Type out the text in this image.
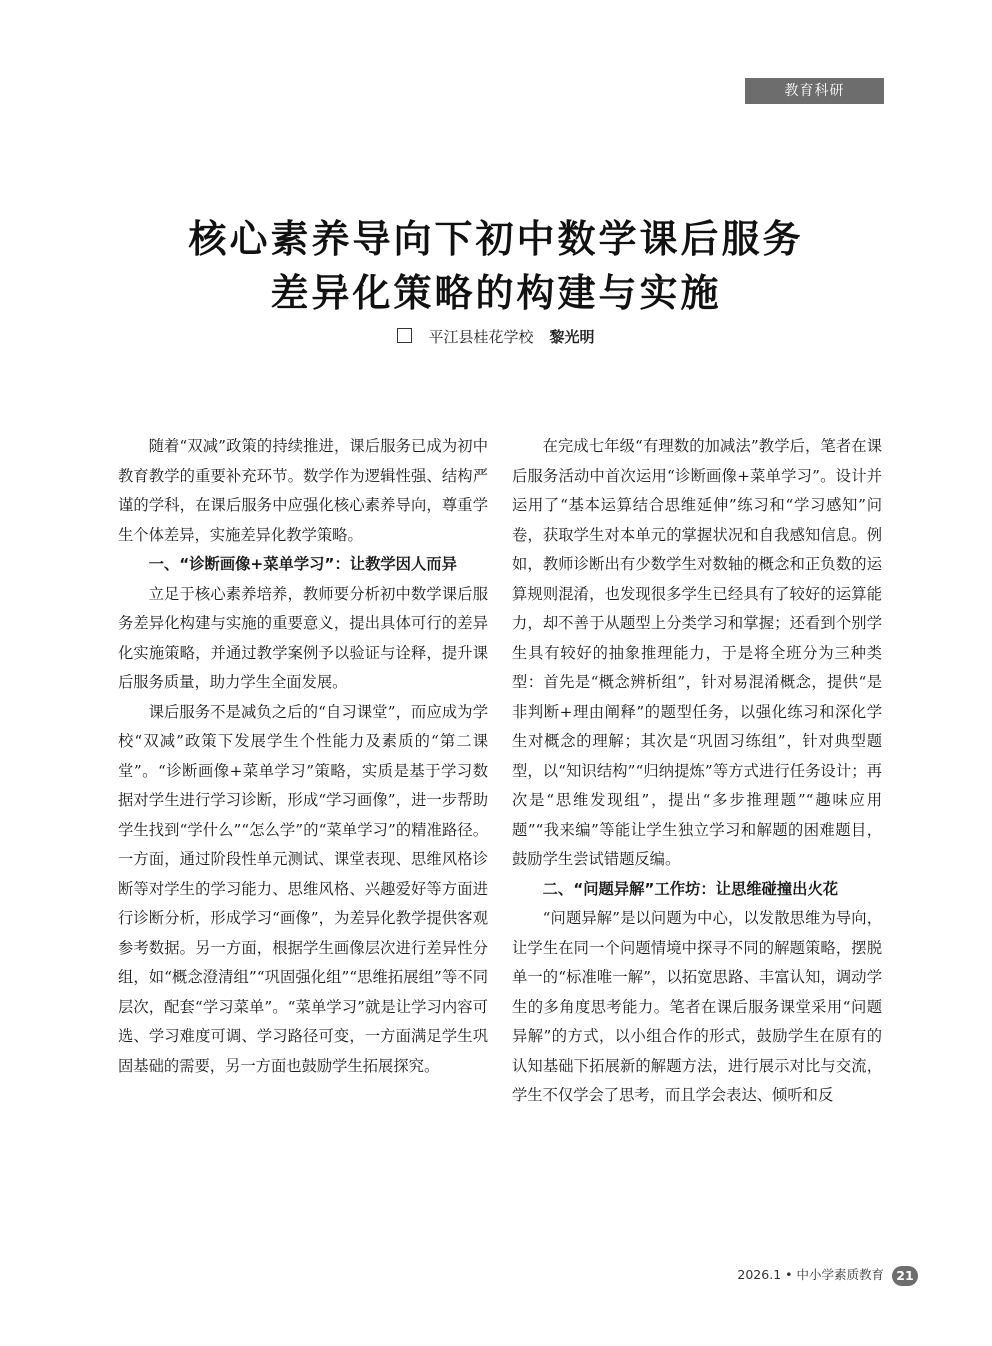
教育科研
核心素养导向下初中数学课后服务
差异化策略的构建与实施
平江县桂花学校 黎光明

随着“双减”政策的持续推进，课后服务已成为初中教育教学的重要补充环节。数学作为逻辑性强、结构严谨的学科，在课后服务中应强化核心素养导向，尊重学生个体差异，实施差异化教学策略。

一、“诊断画像+菜单学习”：让教学因人而异

立足于核心素养培养，教师要分析初中数学课后服务差异化构建与实施的重要意义，提出具体可行的差异化实施策略，并通过教学案例予以验证与诠释，提升课后服务质量，助力学生全面发展。

课后服务不是减负之后的“自习课堂”，而应成为学校“双减”政策下发展学生个性能力及素质的“第二课堂”。“诊断画像+菜单学习”策略，实质是基于学习数据对学生进行学习诊断，形成“学习画像”，进一步帮助学生找到“学什么”“怎么学”的“菜单学习”的精准路径。一方面，通过阶段性单元测试、课堂表现、思维风格诊断等对学生的学习能力、思维风格、兴趣爱好等方面进行诊断分析，形成学习“画像”，为差异化教学提供客观参考数据。另一方面，根据学生画像层次进行差异性分组，如“概念澄清组”“巩固强化组”“思维拓展组”等不同层次，配套“学习菜单”。“菜单学习”就是让学习内容可选、学习难度可调、学习路径可变，一方面满足学生巩固基础的需要，另一方面也鼓励学生拓展探究。

在完成七年级“有理数的加减法”教学后，笔者在课后服务活动中首次运用“诊断画像+菜单学习”。设计并运用了“基本运算结合思维延伸”练习和“学习感知”问卷，获取学生对本单元的掌握状况和自我感知信息。例如，教师诊断出有少数学生对数轴的概念和正负数的运算规则混淆，也发现很多学生已经具有了较好的运算能力，却不善于从题型上分类学习和掌握；还看到个别学生具有较好的抽象推理能力，于是将全班分为三种类型：首先是“概念辨析组”，针对易混淆概念，提供“是非判断+理由阐释”的题型任务，以强化练习和深化学生对概念的理解；其次是“巩固习练组”，针对典型题型，以“知识结构”“归纳提炼”等方式进行任务设计；再次是“思维发现组”，提出“多步推理题”“趣味应用题”“我来编”等能让学生独立学习和解题的困难题目，鼓励学生尝试错题反编。

二、“问题异解”工作坊：让思维碰撞出火花

“问题异解”是以问题为中心，以发散思维为导向，让学生在同一个问题情境中探寻不同的解题策略，摆脱单一的“标准唯一解”，以拓宽思路、丰富认知，调动学生的多角度思考能力。笔者在课后服务课堂采用“问题异解”的方式，以小组合作的形式，鼓励学生在原有的认知基础下拓展新的解题方法，进行展示对比与交流，学生不仅学会了思考，而且学会表达、倾听和反

2026.1 • 中小学素质教育 21
